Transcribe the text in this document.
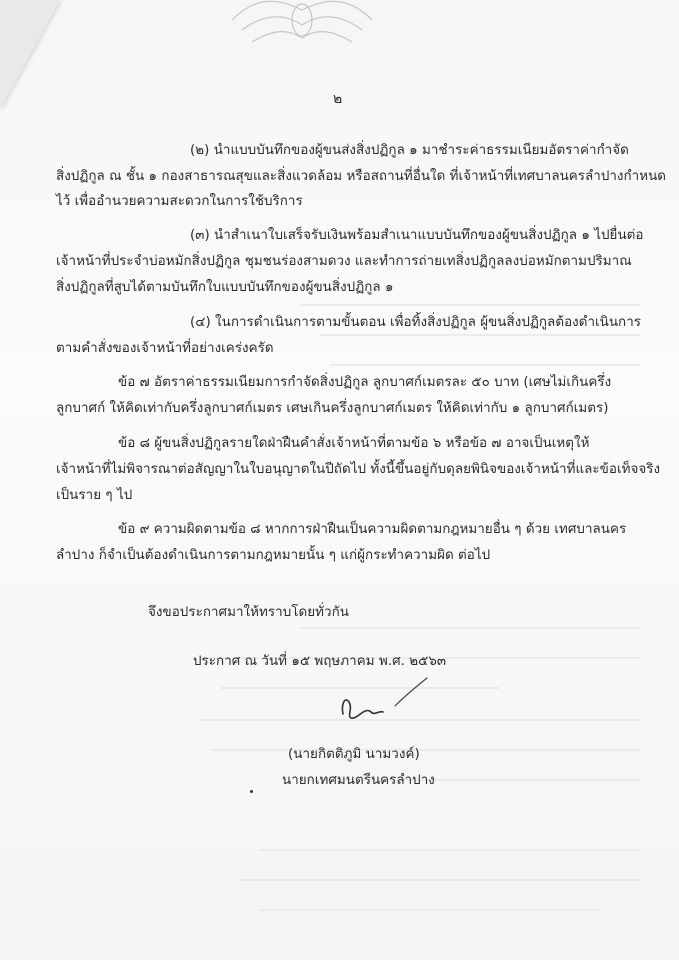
๒
(๒) นำแบบบันทึกของผู้ขนส่งสิ่งปฏิกูล ๑ มาชำระค่าธรรมเนียมอัตราค่ากำจัด
สิ่งปฏิกูล ณ ชั้น ๑ กองสาธารณสุขและสิ่งแวดล้อม หรือสถานที่อื่นใด ที่เจ้าหน้าที่เทศบาลนครลำปางกำหนด
ไว้ เพื่ออำนวยความสะดวกในการใช้บริการ
(๓) นำสำเนาใบเสร็จรับเงินพร้อมสำเนาแบบบันทึกของผู้ขนสิ่งปฏิกูล ๑ ไปยื่นต่อ
เจ้าหน้าที่ประจำบ่อหมักสิ่งปฏิกูล ชุมชนร่องสามดวง และทำการถ่ายเทสิ่งปฏิกูลลงบ่อหมักตามปริมาณ
สิ่งปฏิกูลที่สูบได้ตามบันทึกใบแบบบันทึกของผู้ขนสิ่งปฏิกูล ๑
(๔) ในการดำเนินการตามขั้นตอน เพื่อทิ้งสิ่งปฏิกูล ผู้ขนสิ่งปฏิกูลต้องดำเนินการ
ตามคำสั่งของเจ้าหน้าที่อย่างเคร่งครัด
ข้อ ๗ อัตราค่าธรรมเนียมการกำจัดสิ่งปฏิกูล ลูกบาศก์เมตรละ ๕๐ บาท (เศษไม่เกินครึ่ง
ลูกบาศก์ ให้คิดเท่ากับครึ่งลูกบาศก์เมตร เศษเกินครึ่งลูกบาศก์เมตร ให้คิดเท่ากับ ๑ ลูกบาศก์เมตร)
ข้อ ๘ ผู้ขนสิ่งปฏิกูลรายใดฝ่าฝืนคำสั่งเจ้าหน้าที่ตามข้อ ๖ หรือข้อ ๗ อาจเป็นเหตุให้
เจ้าหน้าที่ไม่พิจารณาต่อสัญญาในใบอนุญาตในปีถัดไป ทั้งนี้ขึ้นอยู่กับดุลยพินิจของเจ้าหน้าที่และข้อเท็จจริง
เป็นราย ๆ ไป
ข้อ ๙ ความผิดตามข้อ ๘ หากการฝ่าฝืนเป็นความผิดตามกฎหมายอื่น ๆ ด้วย เทศบาลนคร
ลำปาง ก็จำเป็นต้องดำเนินการตามกฎหมายนั้น ๆ แก่ผู้กระทำความผิด ต่อไป
จึงขอประกาศมาให้ทราบโดยทั่วกัน
ประกาศ ณ วันที่ ๑๕ พฤษภาคม พ.ศ. ๒๕๖๓
(นายกิตติภูมิ นามวงค์)
นายกเทศมนตรีนครลำปาง
